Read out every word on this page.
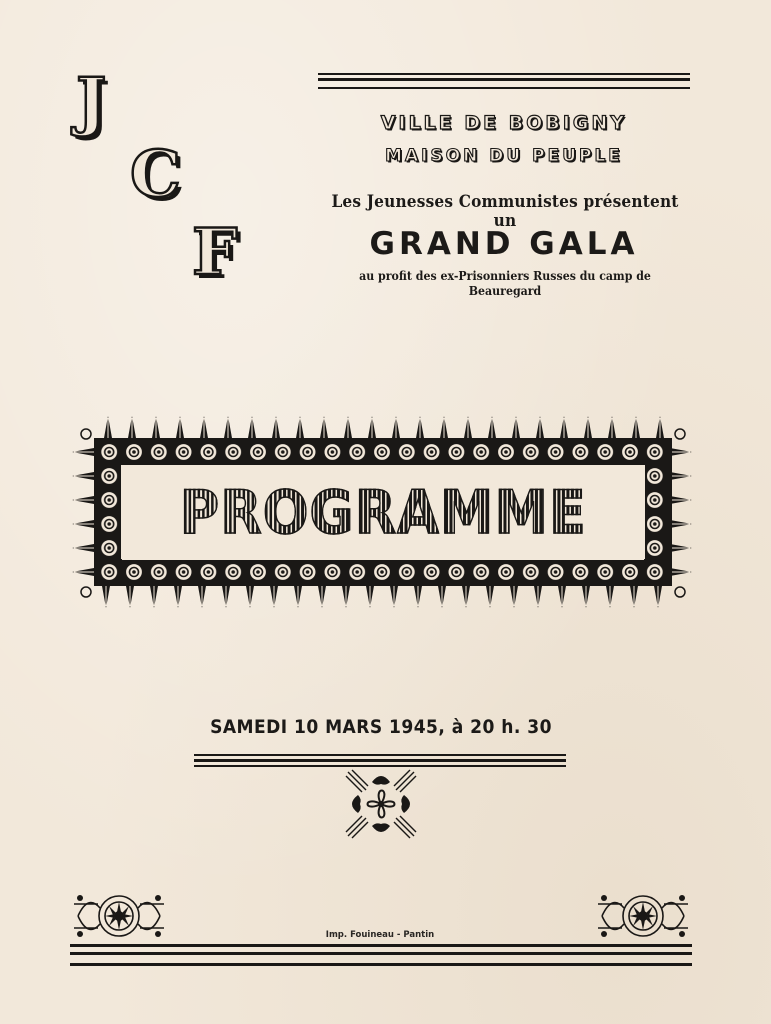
J
C
F
VILLE DE BOBIGNY
MAISON DU PEUPLE
Les Jeunesses Communistes présentent un
GRAND GALA
au profit des ex-Prisonniers Russes du camp de Beauregard
PROGRAMME
SAMEDI 10 MARS 1945, à 20 h. 30
Imp. Fouineau - Pantin
